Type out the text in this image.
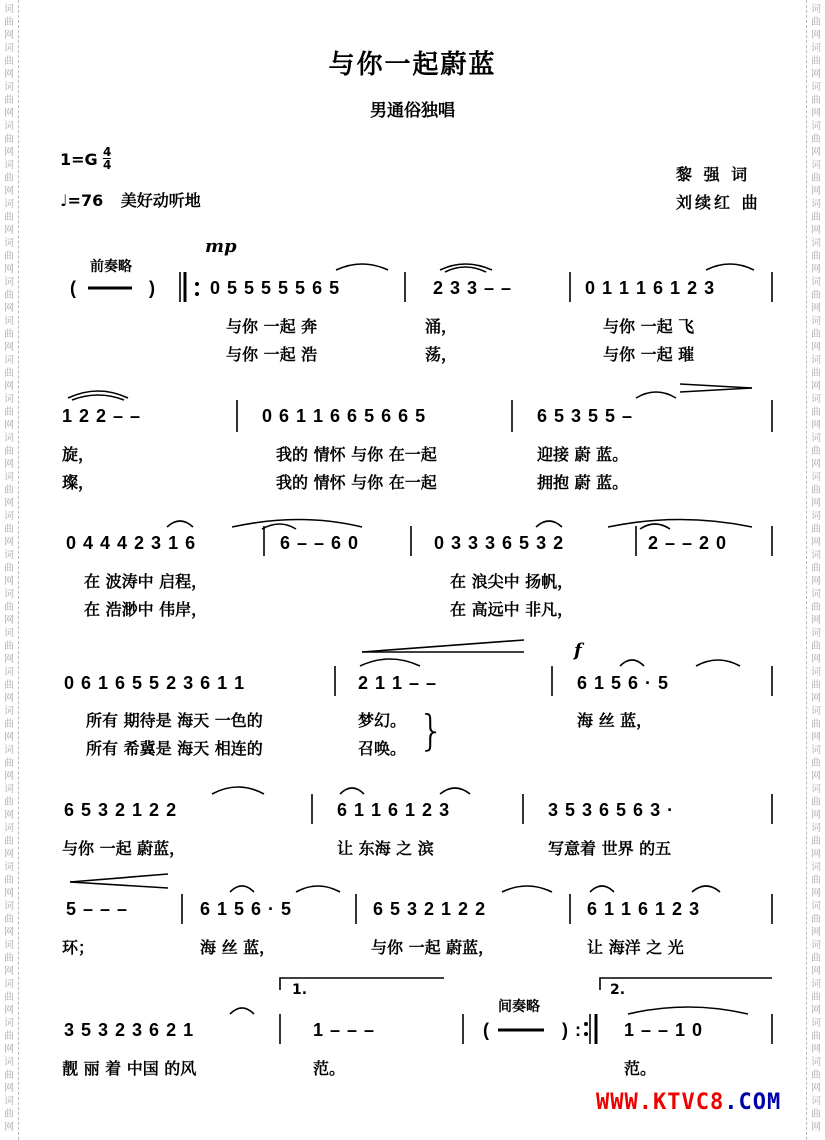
词
曲
网
词
曲
网
词
曲
网
词
曲
网
词
曲
网
词
曲
网
词
曲
网
词
曲
网
词
曲
网
词
曲
网
词
曲
网
词
曲
网
词
曲
网
词
曲
网
词
曲
网
词
曲
网
词
曲
网
词
曲
网
词
曲
网
词
曲
网
词
曲
网
词
曲
网
词
曲
网
词
曲
网
词
曲
网
词
曲
网
词
曲
网
词
曲
网
词
曲
网
词
曲
网
词
曲
网
词
曲
网
词
曲
网
词
曲
网
词
曲
网
词
曲
网
词
曲
网
词
曲
网
词
曲
网
词
曲
网
词
曲
网
词
曲
网
词
曲
网
词
曲
网
词
曲
网
词
曲
网
词
曲
网
词
曲
网
词
曲
网
词
曲
网
词
曲
网
词
曲
网
词
曲
网
词
曲
网
词
曲
网
词
曲
网
词
曲
网
词
曲
网
与你一起蔚蓝
男通俗独唱
1=G 4
4
♩=76 美好动听地
黎 强 词
刘续红 曲
前奏略
(            )
mp
0 5 5 5 5 5 6 5	2 3 3 – –	0 1 1 1 6 1 2 3
与你 一起 奔	涌，	与你 一起 飞
与你 一起 浩	荡，	与你 一起 璀
1 2 2 – –	0 6 1 1 6 6 5 6 6 5	6 5 3 5 5 –
旋，	我的 情怀 与你 在一起	迎接 蔚 蓝。
璨，	我的 情怀 与你 在一起	拥抱 蔚 蓝。
0 4 4 4 2 3 1 6	6 – – 6 0	0 3 3 3 6 5 3 2	2 – – 2 0
在 波涛中 启程，	在 浪尖中 扬帆，
在 浩渺中 伟岸，	在 高远中 非凡，
f
0 6 1 6 5 5 2 3 6 1 1	2 1 1 – –	6 1 5 6 · 5
所有 期待是 海天 一色的	梦幻。	海 丝 蓝，
所有 希冀是 海天 相连的	召唤。 }
6 5 3 2 1 2 2	6 1 1 6 1 2 3	3 5 3 6 5 6 3 ·
与你 一起 蔚蓝，	让 东海 之 滨	写意着 世界 的五
5 – – –	6 1 5 6 · 5	6 5 3 2 1 2 2	6 1 1 6 1 2 3
环；	海 丝 蓝，	与你 一起 蔚蓝，	让 海洋 之 光
1.	2.
间奏略
3 5 3 2 3 6 2 1	1 – – –	(            ) : 1 – – 1 0
靓 丽 着 中国 的风	范。	范。
WWW.KTVC8.COM
